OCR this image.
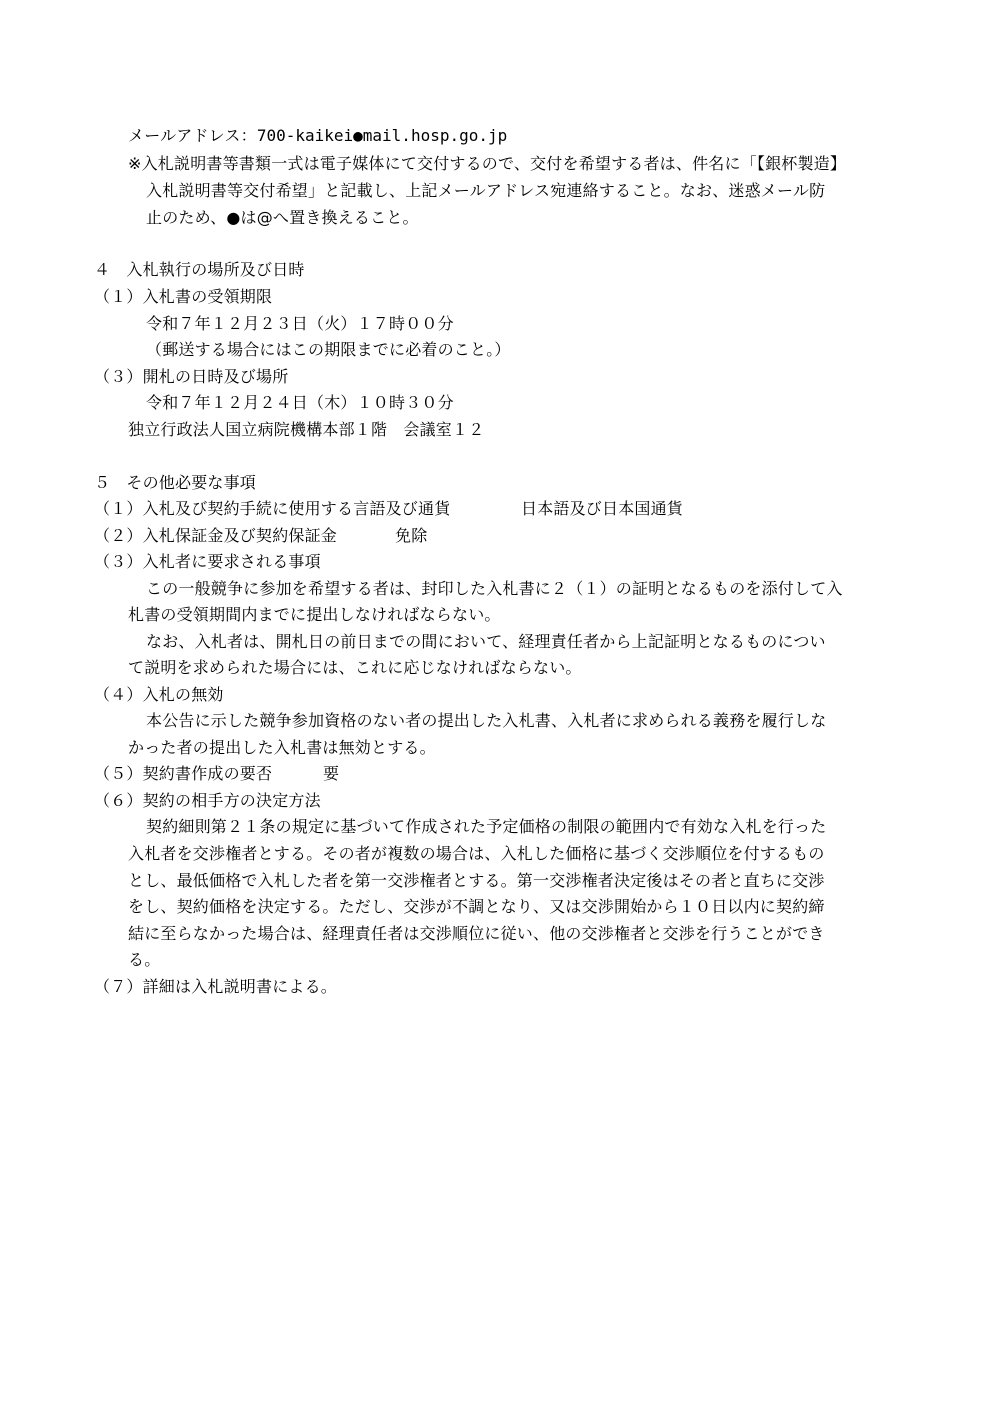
メールアドレス：700-kaikei●mail.hosp.go.jp
※入札説明書等書類一式は電子媒体にて交付するので、交付を希望する者は、件名に「【銀杯製造】
入札説明書等交付希望」と記載し、上記メールアドレス宛連絡すること。なお、迷惑メール防
止のため、●は@へ置き換えること。
４　入札執行の場所及び日時
（１）入札書の受領期限
令和７年１２月２３日（火）１７時００分
（郵送する場合にはこの期限までに必着のこと。）
（３）開札の日時及び場所
令和７年１２月２４日（木）１０時３０分
独立行政法人国立病院機構本部１階　会議室１２
５　その他必要な事項
（１）入札及び契約手続に使用する言語及び通貨	日本語及び日本国通貨
（２）入札保証金及び契約保証金	免除
（３）入札者に要求される事項
この一般競争に参加を希望する者は、封印した入札書に２（１）の証明となるものを添付して入
札書の受領期間内までに提出しなければならない。
なお、入札者は、開札日の前日までの間において、経理責任者から上記証明となるものについ
て説明を求められた場合には、これに応じなければならない。
（４）入札の無効
本公告に示した競争参加資格のない者の提出した入札書、入札者に求められる義務を履行しな
かった者の提出した入札書は無効とする。
（５）契約書作成の要否	要
（６）契約の相手方の決定方法
契約細則第２１条の規定に基づいて作成された予定価格の制限の範囲内で有効な入札を行った
入札者を交渉権者とする。その者が複数の場合は、入札した価格に基づく交渉順位を付するもの
とし、最低価格で入札した者を第一交渉権者とする。第一交渉権者決定後はその者と直ちに交渉
をし、契約価格を決定する。ただし、交渉が不調となり、又は交渉開始から１０日以内に契約締
結に至らなかった場合は、経理責任者は交渉順位に従い、他の交渉権者と交渉を行うことができ
る。
（７）詳細は入札説明書による。
